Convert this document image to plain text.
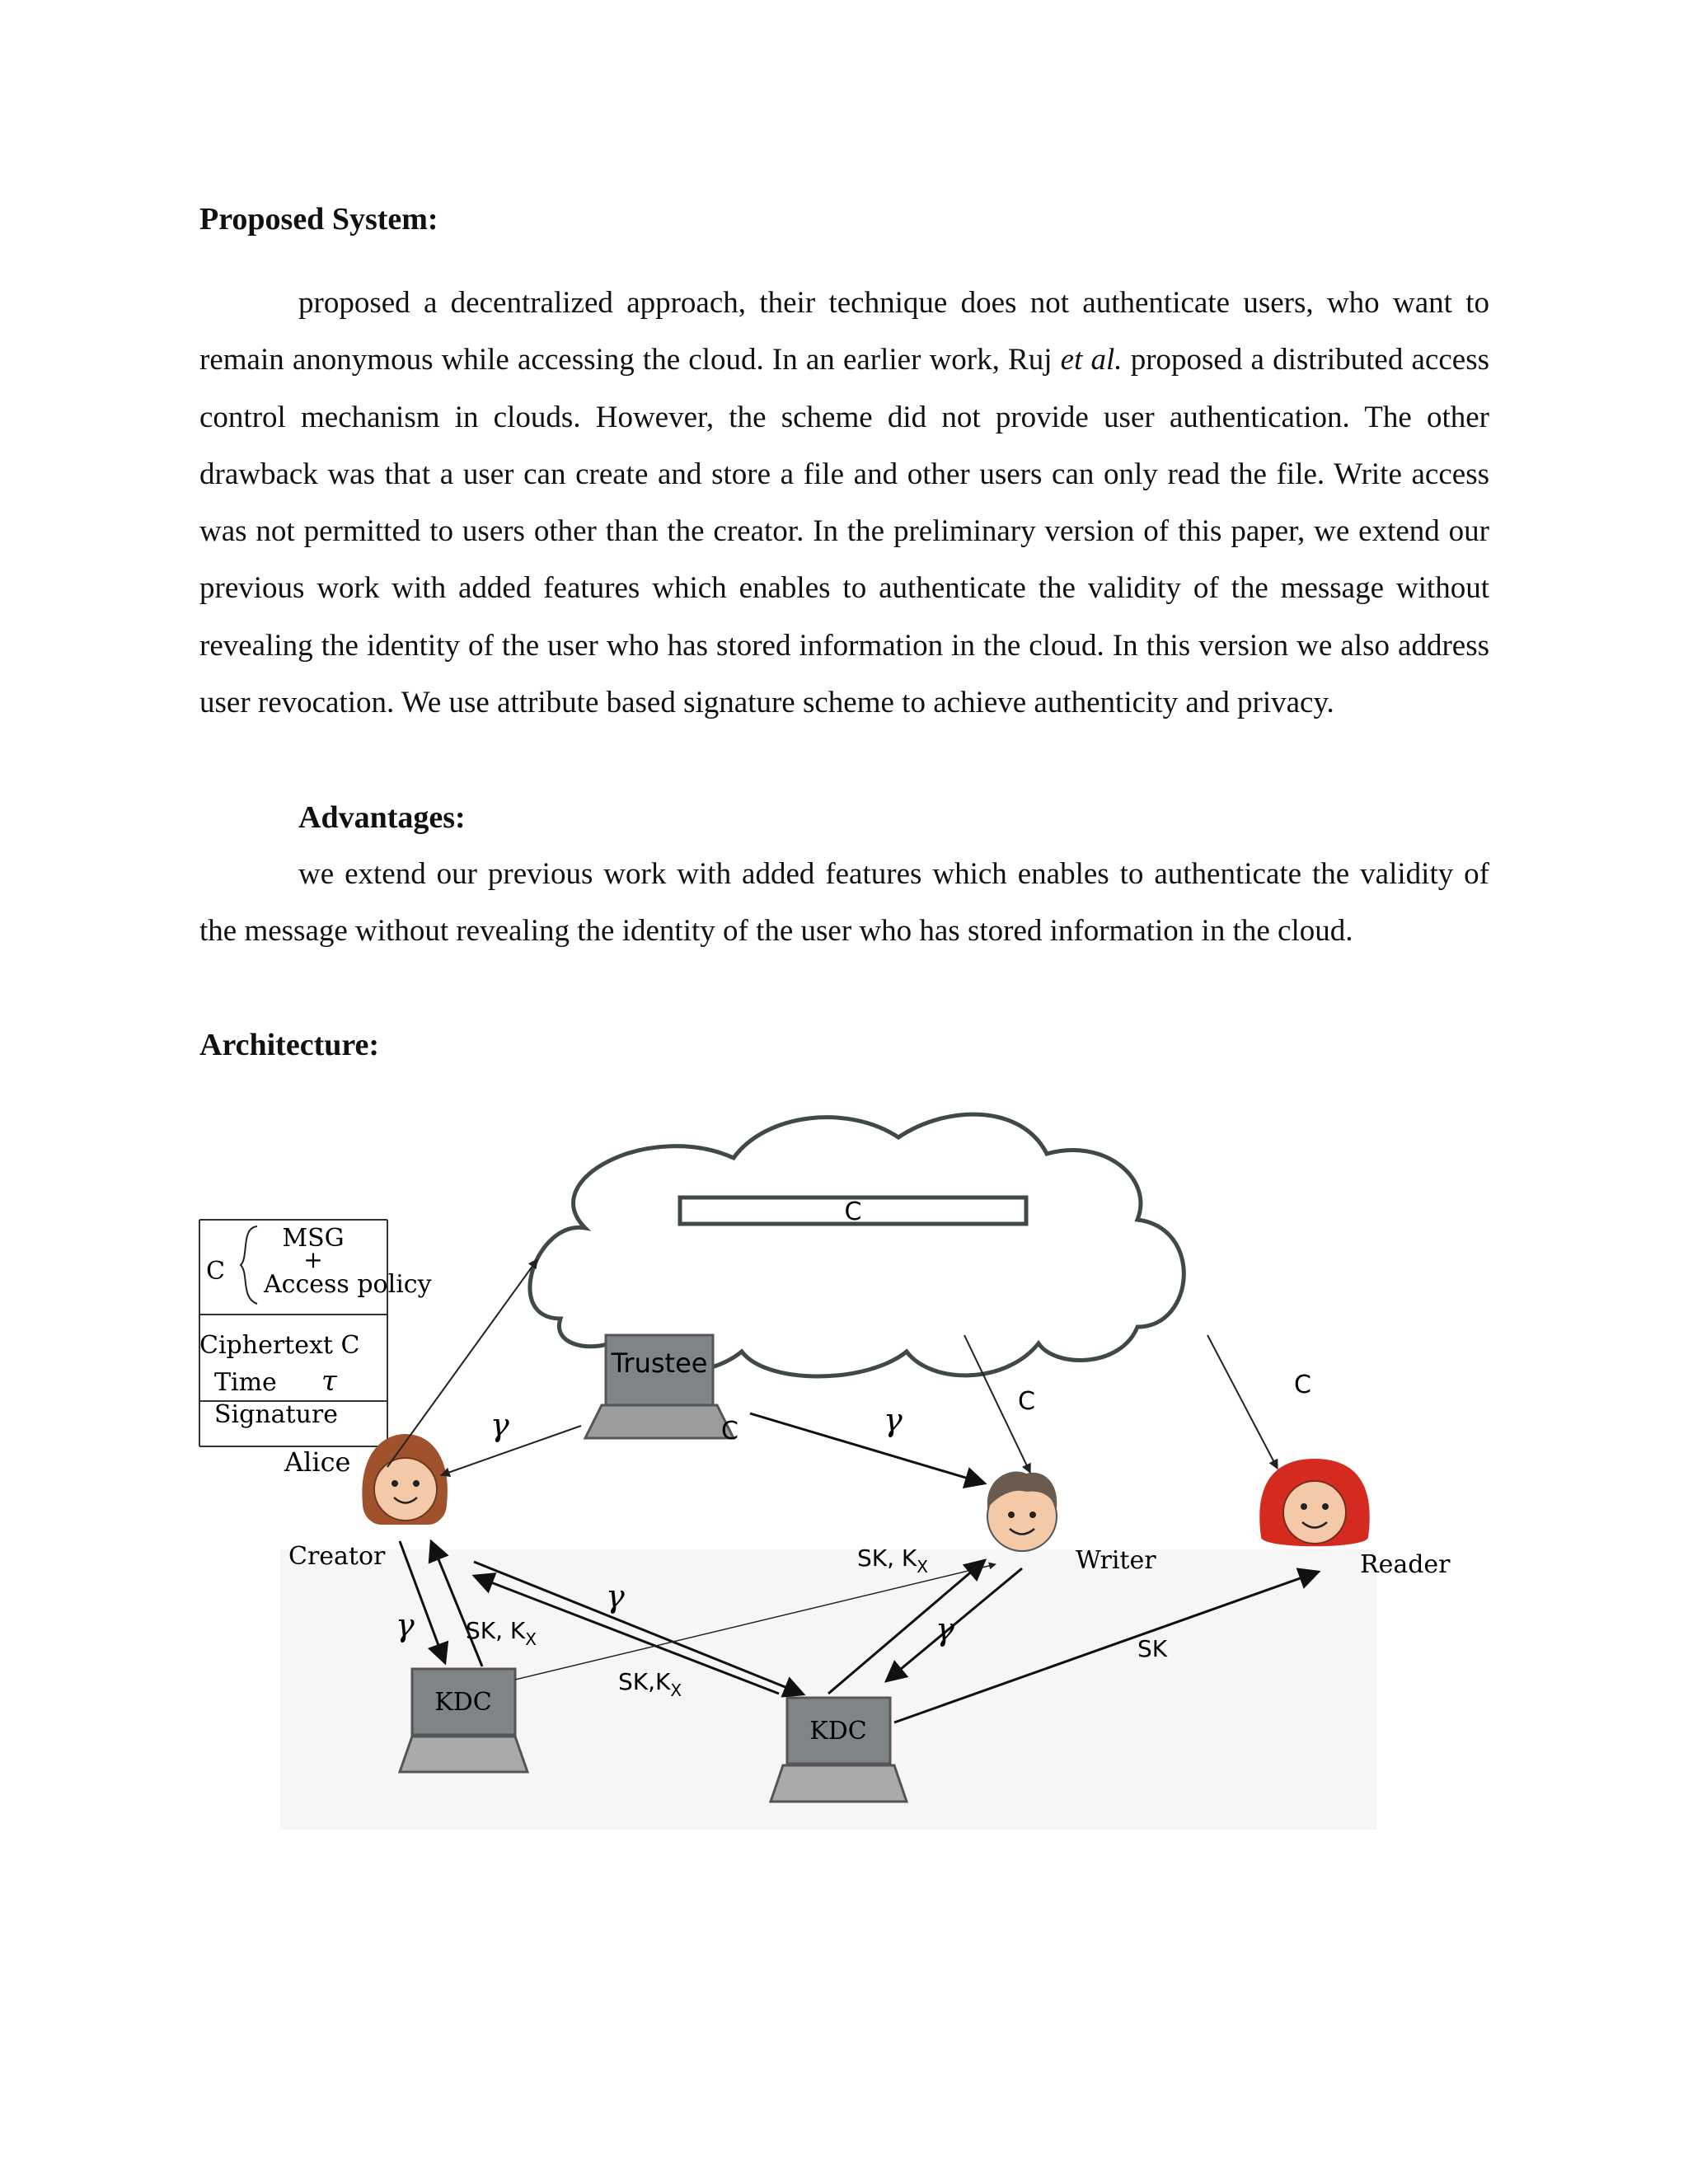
Proposed System:

proposed a decentralized approach, their technique does not authenticate users, who want to remain anonymous while accessing the cloud. In an earlier work, Ruj et al. proposed a distributed access control mechanism in clouds. However, the scheme did not provide user authentication. The other drawback was that a user can create and store a file and other users can only read the file. Write access was not permitted to users other than the creator. In the preliminary version of this paper, we extend our previous work with added features which enables to authenticate the validity of the message without revealing the identity of the user who has stored information in the cloud. In this version we also address user revocation. We use attribute based signature scheme to achieve authenticity and privacy.

Advantages:

we extend our previous work with added features which enables to authenticate the validity of the message without revealing the identity of the user who has stored information in the cloud.

Architecture:
C
C
MSG
+
Access policy
Ciphertext C
Time τ
Signature
Trustee
Alice
Creator	Writer	Reader
KDC
KDC
γ	γ
γ
γ
γ
C
C
C
SK, $K_X$
$SK,K_X$
SK, $K_X$
SK
